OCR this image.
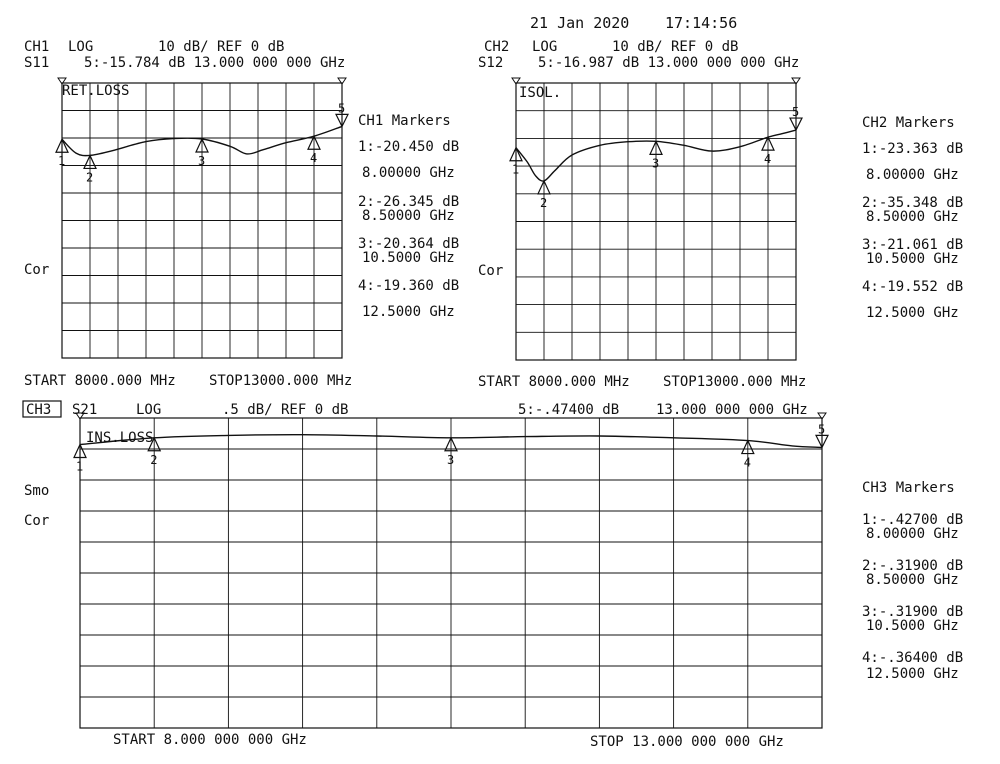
21 Jan 2020 17:14:56
CH1 LOG	10 dB/ REF 0 dB
S11 5:-15.784 dB 13.000 000 000 GHz
CH2 LOG	10 dB/ REF 0 dB
S12 5:-16.987 dB 13.000 000 000 GHz
1
2
3	4
5
RET.LOSS
Cor
START 8000.000 MHz STOP13000.000 MHz
CH1 Markers
1:-20.450 dB
8.00000 GHz
2:-26.345 dB
8.50000 GHz
3:-20.364 dB
10.5000 GHz
4:-19.360 dB
12.5000 GHz
1
2
3	4
5
ISOL.
Cor
START 8000.000 MHz STOP13000.000 MHz
CH2 Markers
1:-23.363 dB
8.00000 GHz
2:-35.348 dB
8.50000 GHz
3:-21.061 dB
10.5000 GHz
4:-19.552 dB
12.5000 GHz
CH3 S21	LOG	.5 dB/ REF 0 dB	5:-.47400 dB	13.000 000 000 GHz
1	2	3	4
5
INS.LOSS
Smo
Cor
START 8.000 000 000 GHz	STOP 13.000 000 000 GHz
CH3 Markers
1:-.42700 dB
8.00000 GHz
2:-.31900 dB
8.50000 GHz
3:-.31900 dB
10.5000 GHz
4:-.36400 dB
12.5000 GHz
